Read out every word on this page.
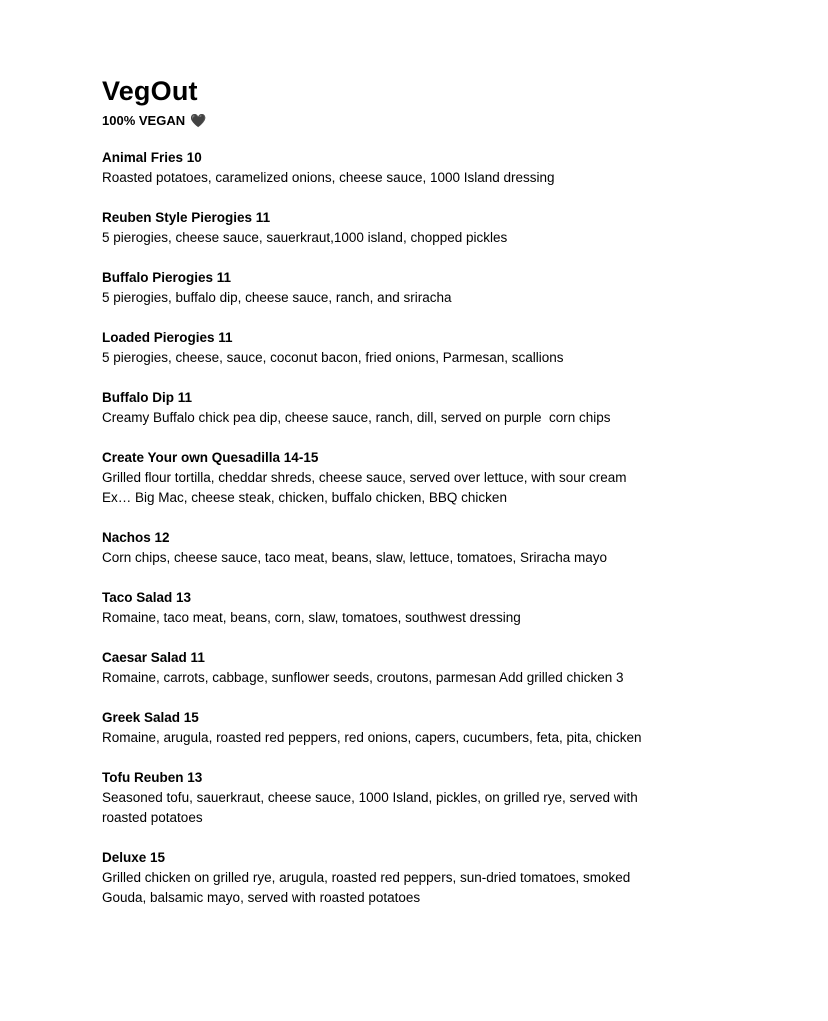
VegOut
100% VEGAN 🖤
Animal Fries 10
Roasted potatoes, caramelized onions, cheese sauce, 1000 Island dressing
Reuben Style Pierogies 11
5 pierogies, cheese sauce, sauerkraut,1000 island, chopped pickles
Buffalo Pierogies 11
5 pierogies, buffalo dip, cheese sauce, ranch, and sriracha
Loaded Pierogies 11
5 pierogies, cheese, sauce, coconut bacon, fried onions, Parmesan, scallions
Buffalo Dip 11
Creamy Buffalo chick pea dip, cheese sauce, ranch, dill, served on purple  corn chips
Create Your own Quesadilla 14-15
Grilled flour tortilla, cheddar shreds, cheese sauce, served over lettuce, with sour cream
Ex… Big Mac, cheese steak, chicken, buffalo chicken, BBQ chicken
Nachos 12
Corn chips, cheese sauce, taco meat, beans, slaw, lettuce, tomatoes, Sriracha mayo
Taco Salad 13
Romaine, taco meat, beans, corn, slaw, tomatoes, southwest dressing
Caesar Salad 11
Romaine, carrots, cabbage, sunflower seeds, croutons, parmesan Add grilled chicken 3
Greek Salad 15
Romaine, arugula, roasted red peppers, red onions, capers, cucumbers, feta, pita, chicken
Tofu Reuben 13
Seasoned tofu, sauerkraut, cheese sauce, 1000 Island, pickles, on grilled rye, served with
roasted potatoes
Deluxe 15
Grilled chicken on grilled rye, arugula, roasted red peppers, sun-dried tomatoes, smoked
Gouda, balsamic mayo, served with roasted potatoes
